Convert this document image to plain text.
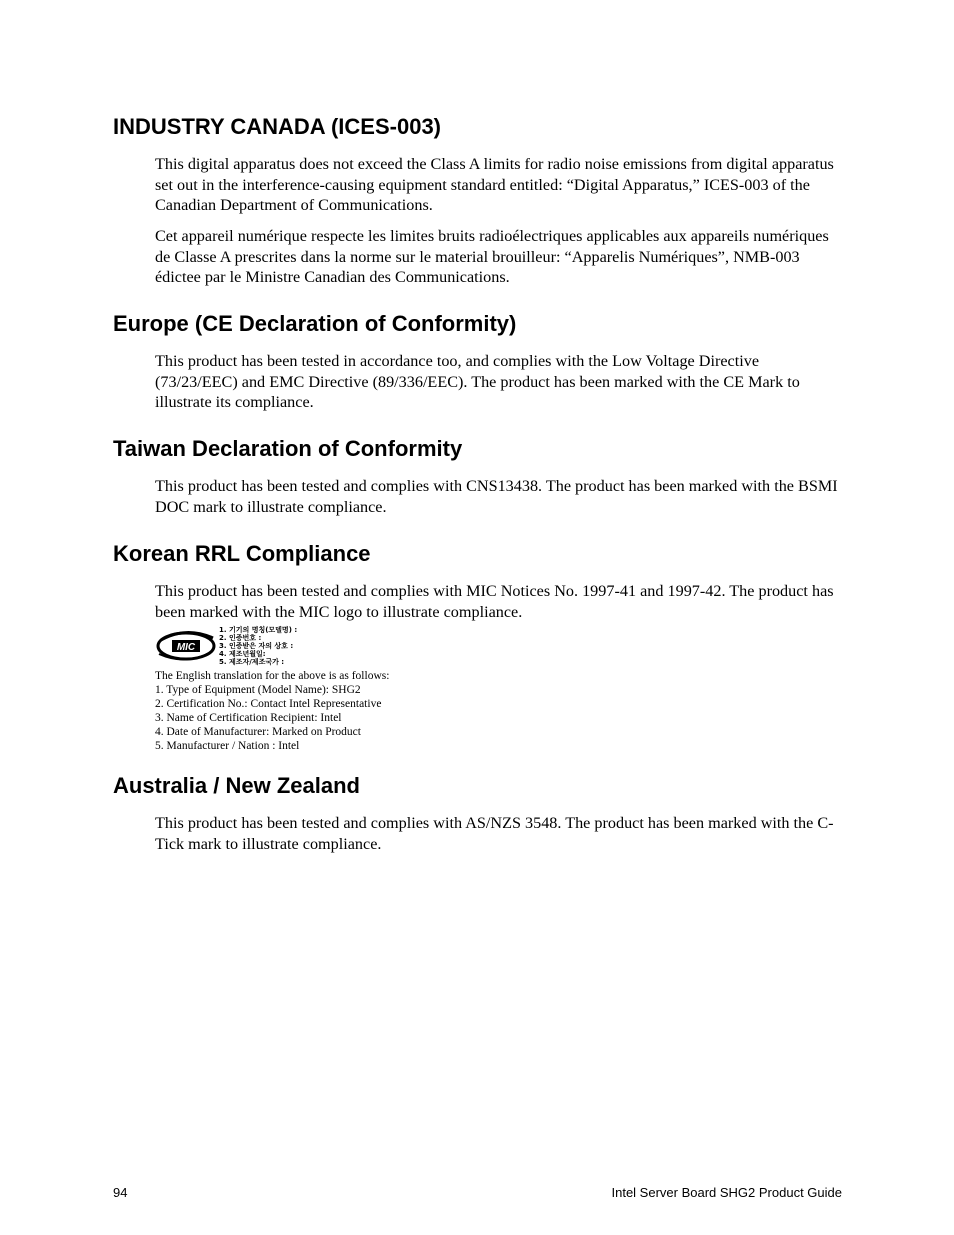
INDUSTRY CANADA (ICES-003)

This digital apparatus does not exceed the Class A limits for radio noise emissions from digital apparatus set out in the interference-causing equipment standard entitled: “Digital Apparatus,” ICES-003 of the Canadian Department of Communications.

Cet appareil numérique respecte les limites bruits radioélectriques applicables aux appareils numériques de Classe A prescrites dans la norme sur le material brouilleur: “Apparelis Numériques”, NMB-003 édictee par le Ministre Canadian des Communications.

Europe (CE Declaration of Conformity)

This product has been tested in accordance too, and complies with the Low Voltage Directive (73/23/EEC) and EMC Directive (89/336/EEC). The product has been marked with the CE Mark to illustrate its compliance.

Taiwan Declaration of Conformity

This product has been tested and complies with CNS13438. The product has been marked with the BSMI DOC mark to illustrate compliance.

Korean RRL Compliance

This product has been tested and complies with MIC Notices No. 1997-41 and 1997-42. The product has been marked with the MIC logo to illustrate compliance.

MIC
1. 기기의 명칭(모델명) :
2. 인증번호 :
3. 인증받은 자의 상호 :
4. 제조년월일:
5. 제조자/제조국가 :
The English translation for the above is as follows:
1. Type of Equipment (Model Name): SHG2
2. Certification No.: Contact Intel Representative
3. Name of Certification Recipient: Intel
4. Date of Manufacturer: Marked on Product
5. Manufacturer / Nation : Intel
Australia / New Zealand

This product has been tested and complies with AS/NZS 3548. The product has been marked with the C-Tick mark to illustrate compliance.

94	Intel Server Board SHG2 Product Guide
